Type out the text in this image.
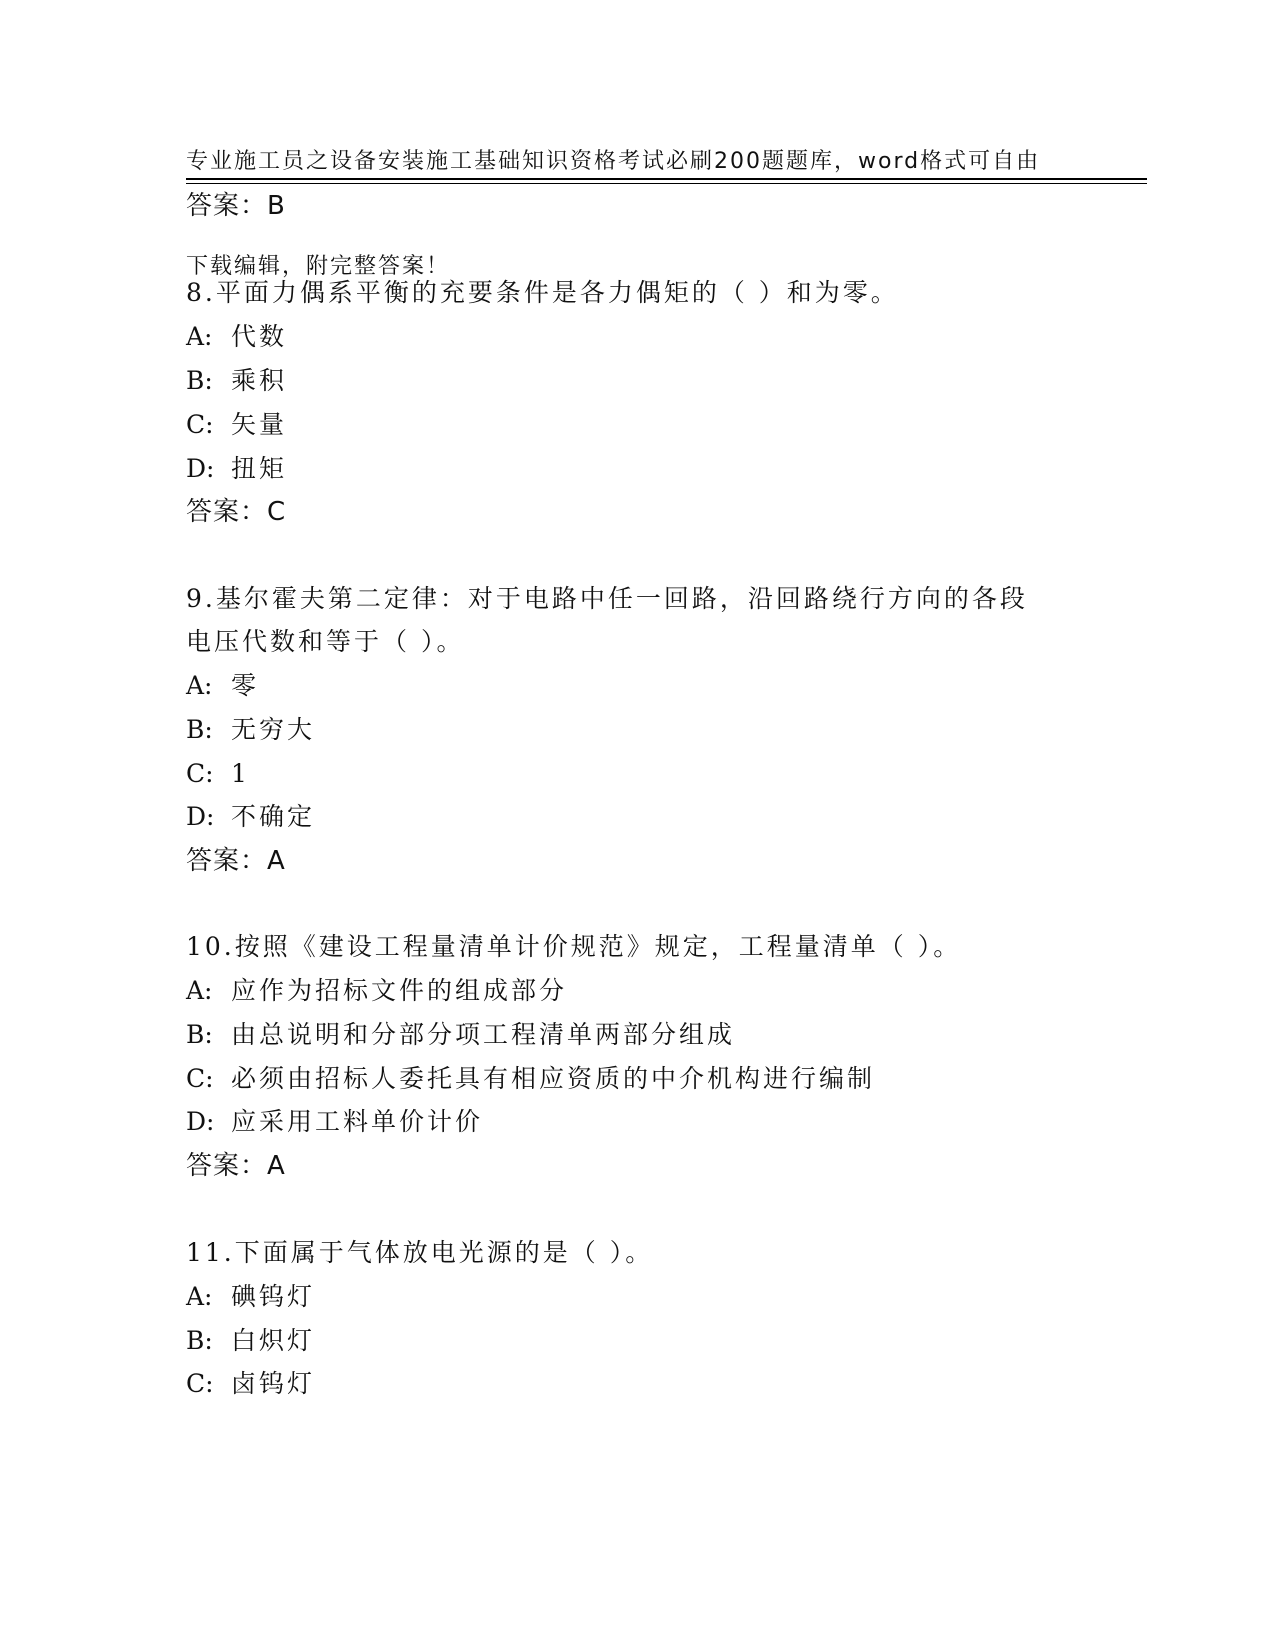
专业施工员之设备安装施工基础知识资格考试必刷200题题库，word格式可自由

下载编辑，附完整答案！

答案：B
8.平面力偶系平衡的充要条件是各力偶矩的（ ）和为零。
A: 代数
B: 乘积
C: 矢量
D: 扭矩
答案：C
9.基尔霍夫第二定律：对于电路中任一回路，沿回路绕行方向的各段
电压代数和等于（ ）。
A: 零
B: 无穷大
C: 1
D: 不确定
答案：A
10.按照《建设工程量清单计价规范》规定，工程量清单（ ）。
A: 应作为招标文件的组成部分
B: 由总说明和分部分项工程清单两部分组成
C: 必须由招标人委托具有相应资质的中介机构进行编制
D: 应采用工料单价计价
答案：A
11.下面属于气体放电光源的是（ ）。
A: 碘钨灯
B: 白炽灯
C: 卤钨灯
